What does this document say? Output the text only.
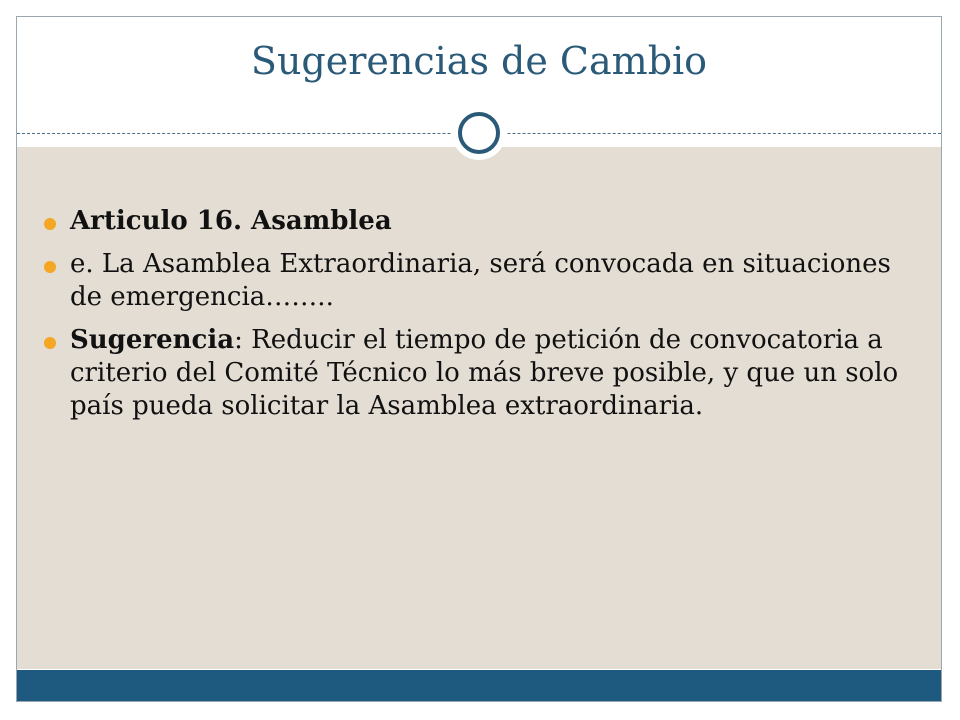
Sugerencias de Cambio
Articulo 16. Asamblea
e. La Asamblea Extraordinaria, será convocada en situaciones de emergencia……..
Sugerencia: Reducir el tiempo de petición de convocatoria a criterio del Comité Técnico lo más breve posible, y que un solo país pueda solicitar la Asamblea extraordinaria.
